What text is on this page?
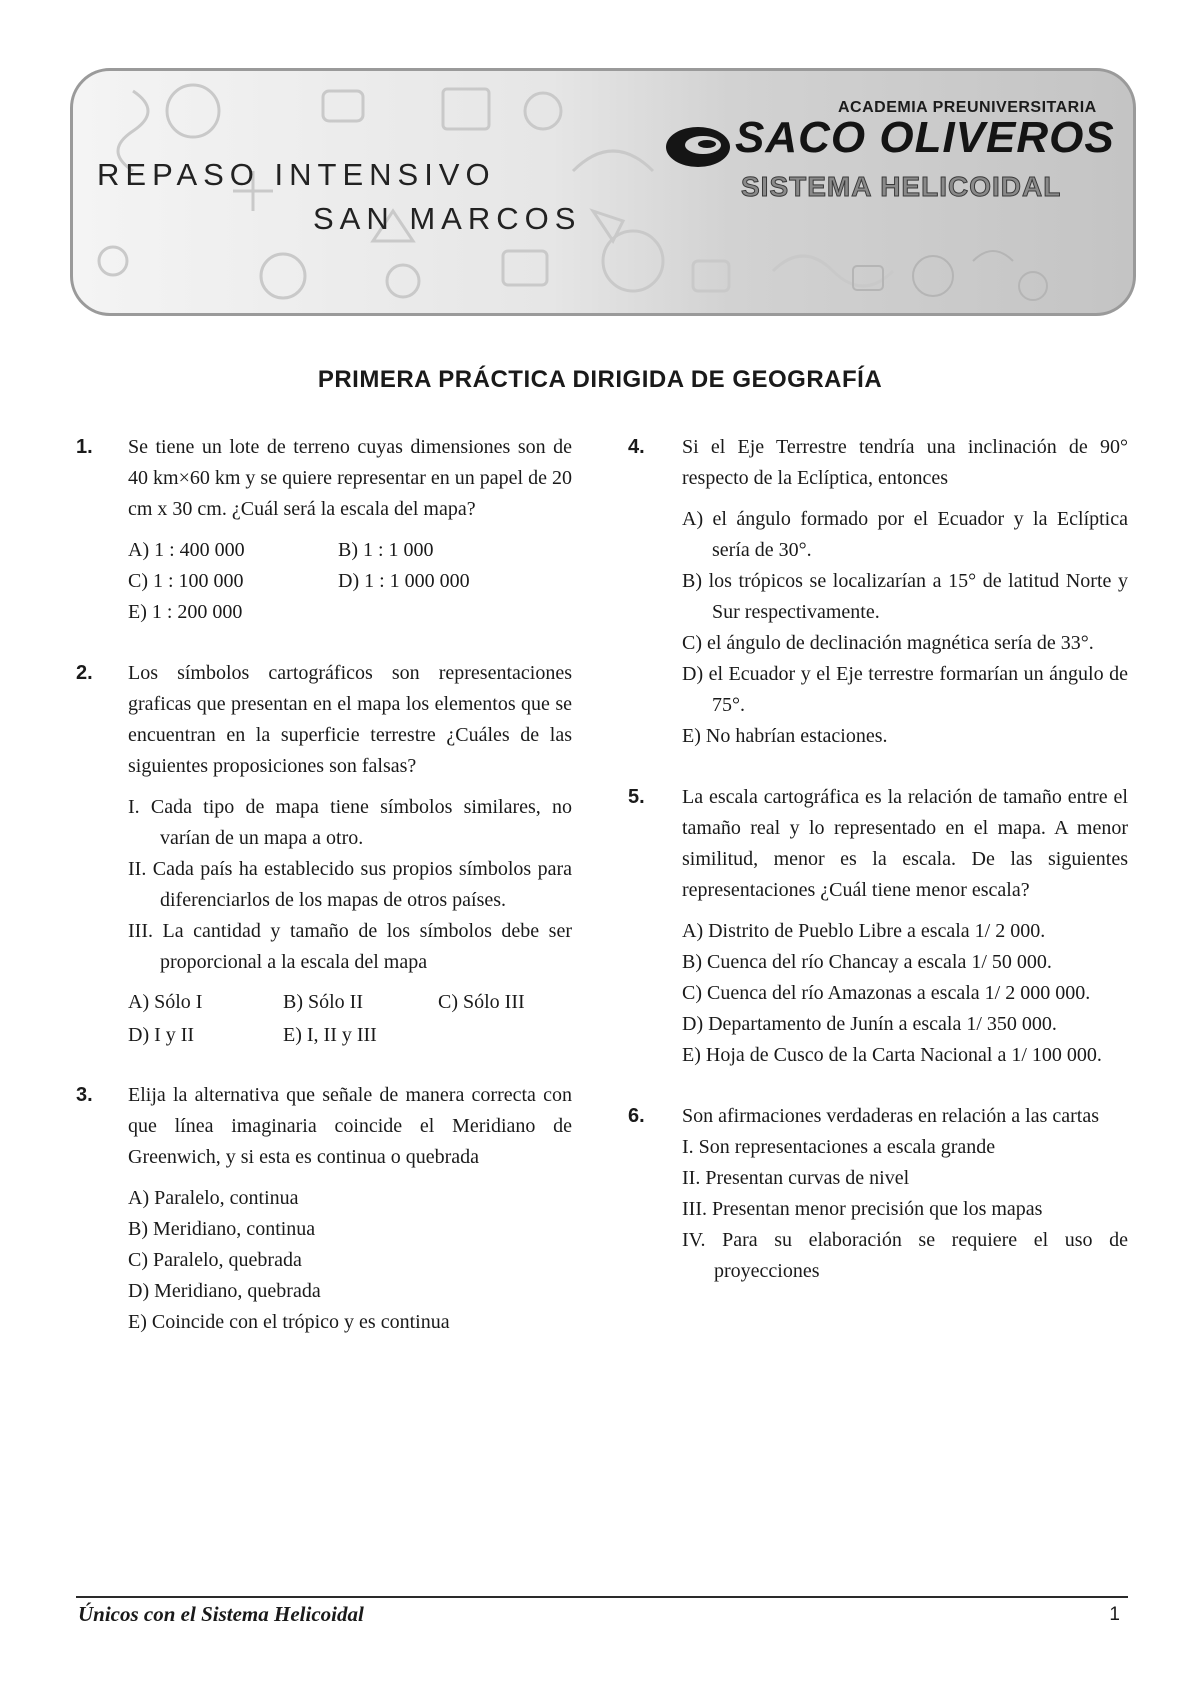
REPASO INTENSIVO
SAN MARCOS
ACADEMIA PREUNIVERSITARIA
SACO OLIVEROS
SISTEMA HELICOIDAL
PRIMERA PRÁCTICA DIRIGIDA DE GEOGRAFÍA
1. Se tiene un lote de terreno cuyas dimensiones son de 40 km×60 km y se quiere representar en un papel de 20 cm x 30 cm. ¿Cuál será la escala del mapa?

A) 1 : 400 000	B) 1 : 1 000
C) 1 : 100 000	D) 1 : 1 000 000
E) 1 : 200 000
2. Los símbolos cartográficos son representaciones graficas que presentan en el mapa los elementos que se encuentran en la superficie terrestre ¿Cuáles de las siguientes proposiciones son falsas?

I. Cada tipo de mapa tiene símbolos similares, no varían de un mapa a otro.
II. Cada país ha establecido sus propios símbolos para diferenciarlos de los mapas de otros países.
III. La cantidad y tamaño de los símbolos debe ser proporcional a la escala del mapa
A) Sólo I	B) Sólo II	C) Sólo III
D) I y II	E) I, II y III
3. Elija la alternativa que señale de manera correcta con que línea imaginaria coincide el Meridiano de Greenwich, y si esta es continua o quebrada

A) Paralelo, continua
B) Meridiano, continua
C) Paralelo, quebrada
D) Meridiano, quebrada
E) Coincide con el trópico y es continua
4. Si el Eje Terrestre tendría una inclinación de 90° respecto de la Eclíptica, entonces

A) el ángulo formado por el Ecuador y la Eclíptica sería de 30°.
B) los trópicos se localizarían a 15° de latitud Norte y Sur respectivamente.
C) el ángulo de declinación magnética sería de 33°.
D) el Ecuador y el Eje terrestre formarían un ángulo de 75°.
E) No habrían estaciones.
5. La escala cartográfica es la relación de tamaño entre el tamaño real y lo representado en el mapa. A menor similitud, menor es la escala. De las siguientes representaciones ¿Cuál tiene menor escala?

A) Distrito de Pueblo Libre a escala 1/ 2 000.
B) Cuenca del río Chancay a escala 1/ 50 000.
C) Cuenca del río Amazonas a escala 1/ 2 000 000.
D) Departamento de Junín a escala 1/ 350 000.
E) Hoja de Cusco de la Carta Nacional a 1/ 100 000.
6. Son afirmaciones verdaderas en relación a las cartas

I. Son representaciones a escala grande
II. Presentan curvas de nivel
III. Presentan menor precisión que los mapas
IV. Para su elaboración se requiere el uso de proyecciones
Únicos con el Sistema Helicoidal	1
